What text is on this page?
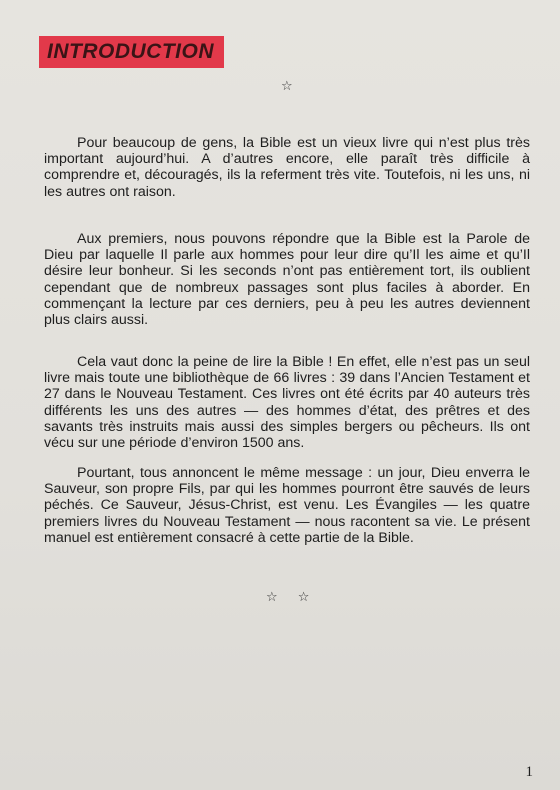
INTRODUCTION
☆

Pour beaucoup de gens, la Bible est un vieux livre qui n’est plus très important aujourd’hui. A d’autres encore, elle paraît très difficile à comprendre et, découragés, ils la referment très vite. Toutefois, ni les uns, ni les autres ont raison.

Aux premiers, nous pouvons répondre que la Bible est la Parole de Dieu par laquelle Il parle aux hommes pour leur dire qu’Il les aime et qu’Il désire leur bonheur. Si les seconds n’ont pas entièrement tort, ils oublient cependant que de nombreux passages sont plus faciles à aborder. En commençant la lecture par ces derniers, peu à peu les autres deviennent plus clairs aussi.

Cela vaut donc la peine de lire la Bible ! En effet, elle n’est pas un seul livre mais toute une bibliothèque de 66 livres : 39 dans l’Ancien Testament et 27 dans le Nouveau Testament. Ces livres ont été écrits par 40 auteurs très différents les uns des autres — des hommes d’état, des prêtres et des savants très instruits mais aussi des simples bergers ou pêcheurs. Ils ont vécu sur une période d’environ 1500 ans.

Pourtant, tous annoncent le même message : un jour, Dieu enverra le Sauveur, son propre Fils, par qui les hommes pourront être sauvés de leurs péchés. Ce Sauveur, Jésus-Christ, est venu. Les Évangiles — les quatre premiers livres du Nouveau Testament — nous racontent sa vie. Le présent manuel est entièrement consacré à cette partie de la Bible.

☆ ☆
1
